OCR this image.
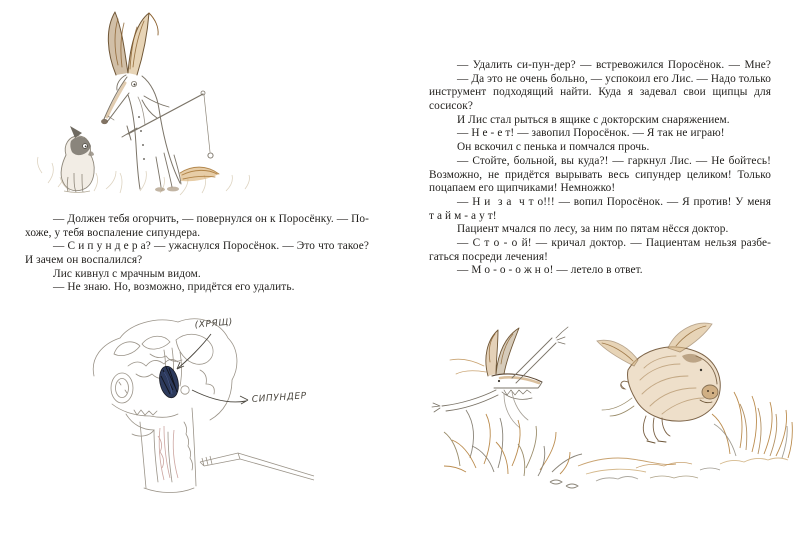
— Должен тебя огорчить, — повернулся он к Поросёнку. — По-
хоже, у тебя воспаление сипундера.
— С и п у н д е р а? — ужаснулся Поросёнок. — Это что такое?
И зачем он воспалился?
Лис кивнул с мрачным видом.
— Не знаю. Но, возможно, придётся его удалить.
(ХРЯЩ)
СИПУНДЕР
— Удалить си-пун-дер? — встревожился Поросёнок. — Мне?
— Да это не очень больно, — успокоил его Лис. — Надо только
инструмент подходящий найти. Куда я задевал свои щипцы для
сосисок?
И Лис стал рыться в ящике с докторским снаряжением.
— Н е - е т! — завопил Поросёнок. — Я так не играю!
Он вскочил с пенька и помчался прочь.
— Стойте, больной, вы куда?! — гаркнул Лис. — Не бойтесь!
Возможно, не придётся вырывать весь сипундер целиком! Только
поцапаем его щипчиками! Немножко!
— Н и  з а  ч т о!!! — вопил Поросёнок. — Я против! У меня
т а й м - а у т!
Пациент мчался по лесу, за ним по пятам нёсся доктор.
— С т о - о й! — кричал доктор. — Пациентам нельзя разбе-
гаться посреди лечения!
— М о - о - о ж н о! — летело в ответ.
